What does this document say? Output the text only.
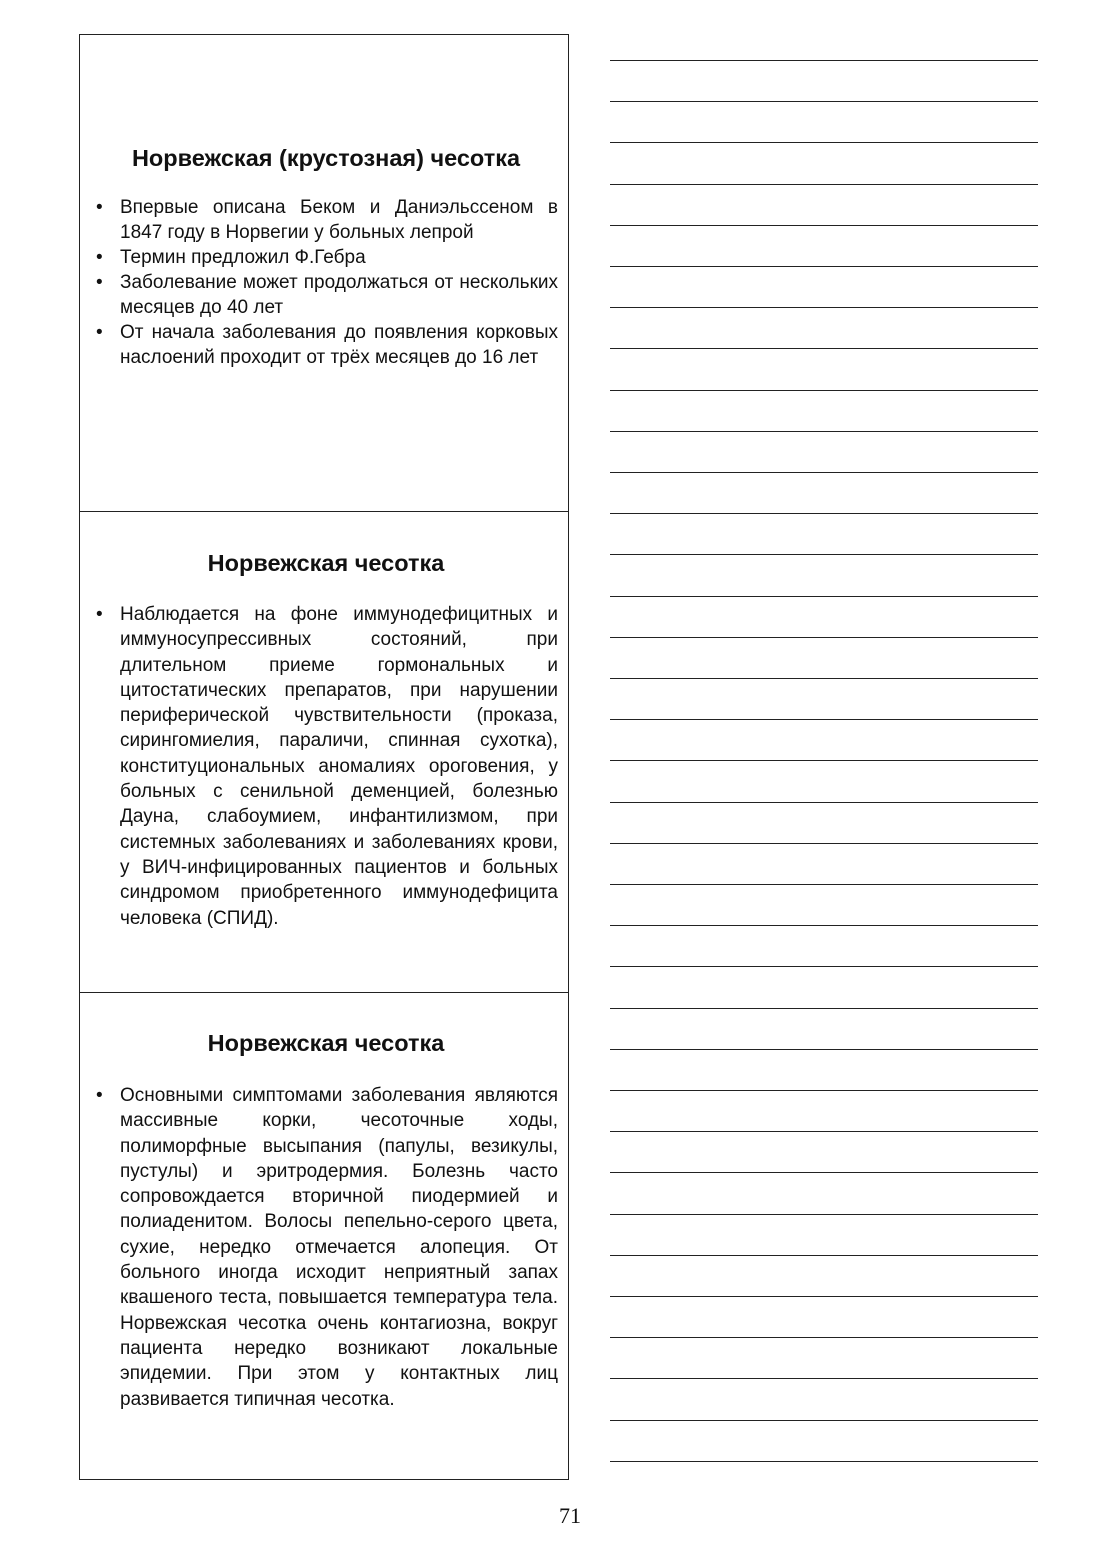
Норвежская (крустозная) чесотка
• Впервые описана Беком и Даниэльссеном в 1847 году в Норвегии у больных лепрой
• Термин предложил Ф.Гебра
• Заболевание может продолжаться от нескольких месяцев до 40 лет
• От начала заболевания до появления корковых наслоений проходит от трёх месяцев до 16 лет
Норвежская чесотка
• Наблюдается на фоне иммунодефицитных и иммуносупрессивных состояний, при длительном приеме гормональных и цитостатических препаратов, при нарушении периферической чувствительности (проказа, сирингомиелия, параличи, спинная сухотка), конституциональных аномалиях ороговения, у больных с сенильной деменцией, болезнью Дауна, слабоумием, инфантилизмом, при системных заболеваниях и заболеваниях крови, у ВИЧ-инфицированных пациентов и больных синдромом приобретенного иммунодефицита человека (СПИД).
Норвежская чесотка
• Основными симптомами заболевания являются массивные корки, чесоточные ходы, полиморфные высыпания (папулы, везикулы, пустулы) и эритродермия. Болезнь часто сопровождается вторичной пиодермией и полиаденитом. Волосы пепельно-серого цвета, сухие, нередко отмечается алопеция. От больного иногда исходит неприятный запах квашеного теста, повышается температура тела. Норвежская чесотка очень контагиозна, вокруг пациента нередко возникают локальные эпидемии. При этом у контактных лиц развивается типичная чесотка.
71
